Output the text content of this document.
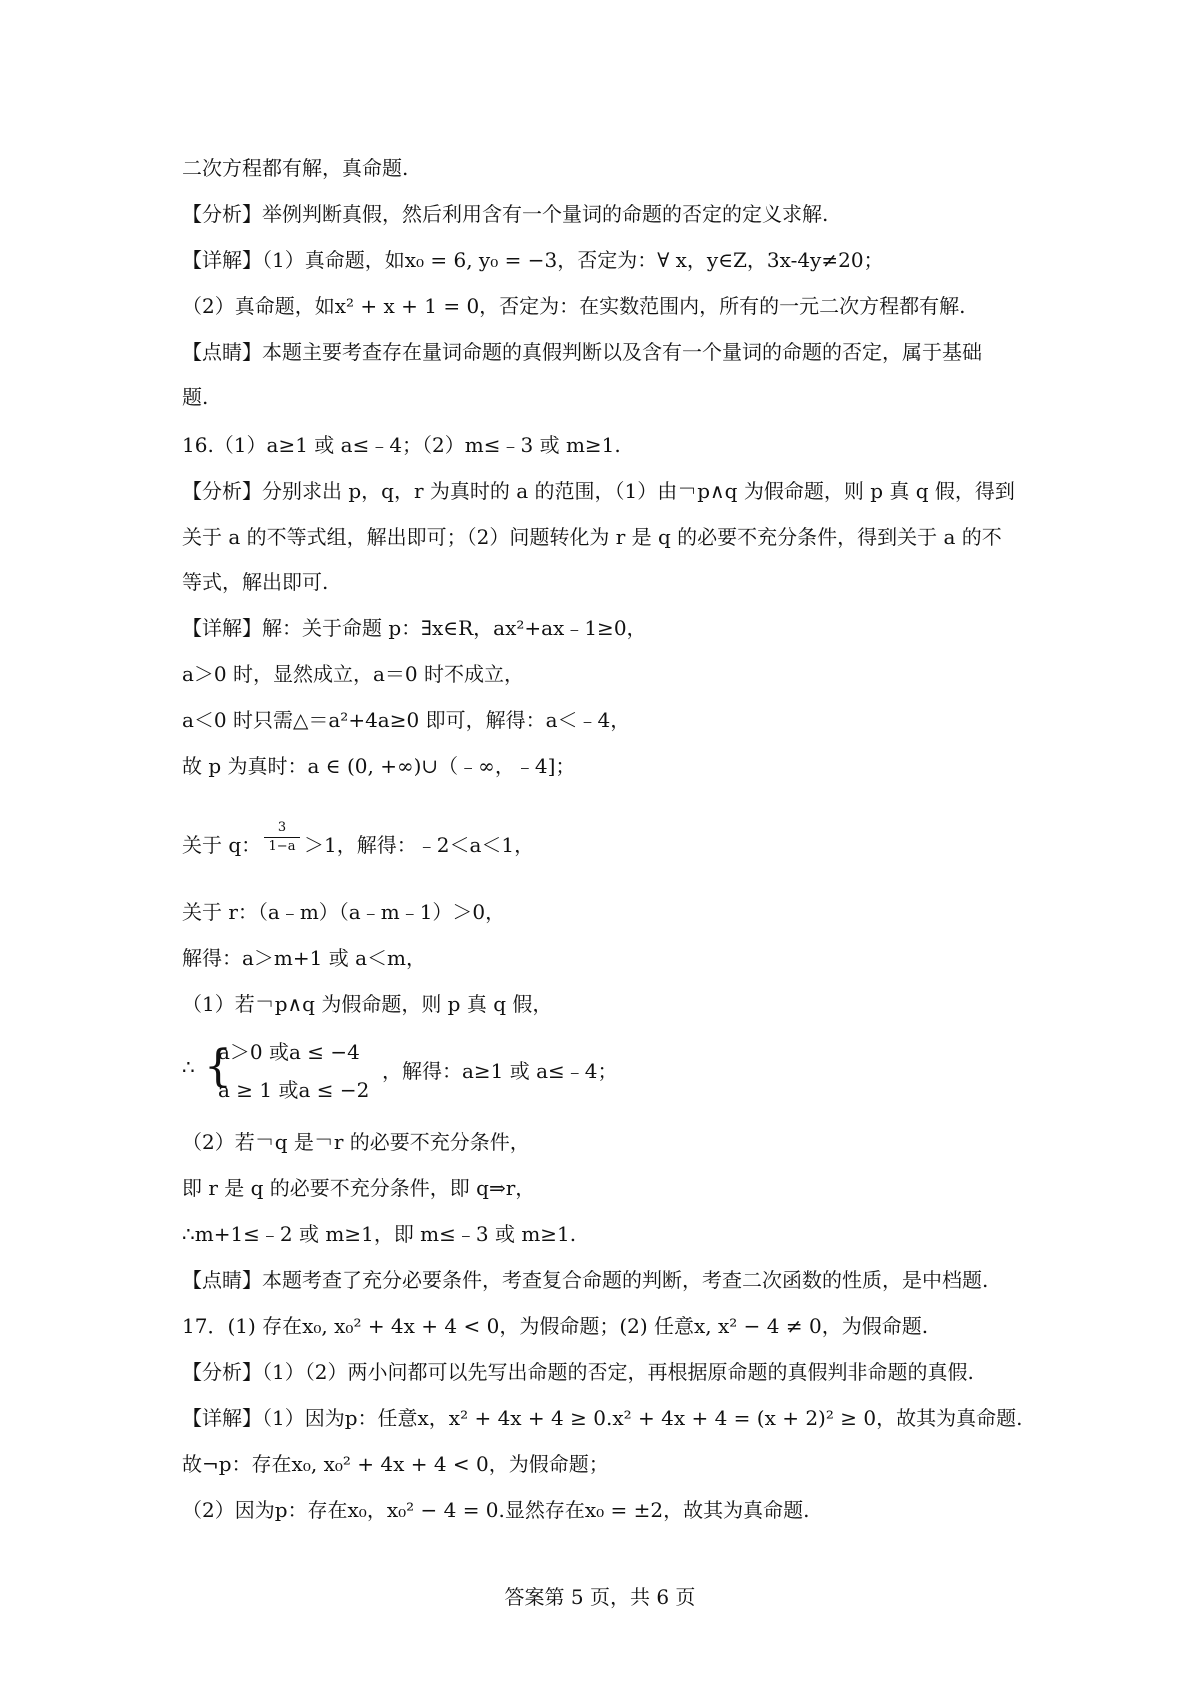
二次方程都有解，真命题.
【分析】举例判断真假，然后利用含有一个量词的命题的否定的定义求解.
【详解】（1）真命题，如x₀ = 6, y₀ = −3，否定为：∀ x，y∈Z，3x-4y≠20；
（2）真命题，如x² + x + 1 = 0，否定为：在实数范围内，所有的一元二次方程都有解.
【点睛】本题主要考查存在量词命题的真假判断以及含有一个量词的命题的否定，属于基础
题.
16.（1）a≥1 或 a≤﹣4；（2）m≤﹣3 或 m≥1.
【分析】分别求出 p，q，r 为真时的 a 的范围，（1）由￢p∧q 为假命题，则 p 真 q 假，得到
关于 a 的不等式组，解出即可；（2）问题转化为 r 是 q 的必要不充分条件，得到关于 a 的不
等式，解出即可.
【详解】解：关于命题 p：∃x∈R，ax²+ax﹣1≥0，
a＞0 时，显然成立，a＝0 时不成立，
a＜0 时只需△＝a²+4a≥0 即可，解得：a＜﹣4，
故 p 为真时：a ∈ (0, +∞)∪（﹣∞，﹣4]；
关于 q：
3
1−a ＞1，解得：﹣2＜a＜1，
关于 r：（a﹣m）（a﹣m﹣1）＞0，
解得：a＞m+1 或 a＜m，
（1）若￢p∧q 为假命题，则 p 真 q 假，
∴ {
a＞0 或a ≤ −4
a ≥ 1 或a ≤ −2
，解得：a≥1 或 a≤﹣4；
（2）若￢q 是￢r 的必要不充分条件，
即 r 是 q 的必要不充分条件，即 q⇒r，
∴m+1≤﹣2 或 m≥1，即 m≤﹣3 或 m≥1.
【点睛】本题考查了充分必要条件，考查复合命题的判断，考查二次函数的性质，是中档题.
17．(1) 存在x₀, x₀² + 4x + 4 < 0，为假命题；(2) 任意x, x² − 4 ≠ 0，为假命题.
【分析】（1）（2）两小问都可以先写出命题的否定，再根据原命题的真假判非命题的真假.
【详解】（1）因为p：任意x，x² + 4x + 4 ≥ 0.x² + 4x + 4 = (x + 2)² ≥ 0，故其为真命题.
故¬p：存在x₀, x₀² + 4x + 4 < 0，为假命题；
（2）因为p：存在x₀，x₀² − 4 = 0.显然存在x₀ = ±2，故其为真命题.
答案第 5 页，共 6 页
